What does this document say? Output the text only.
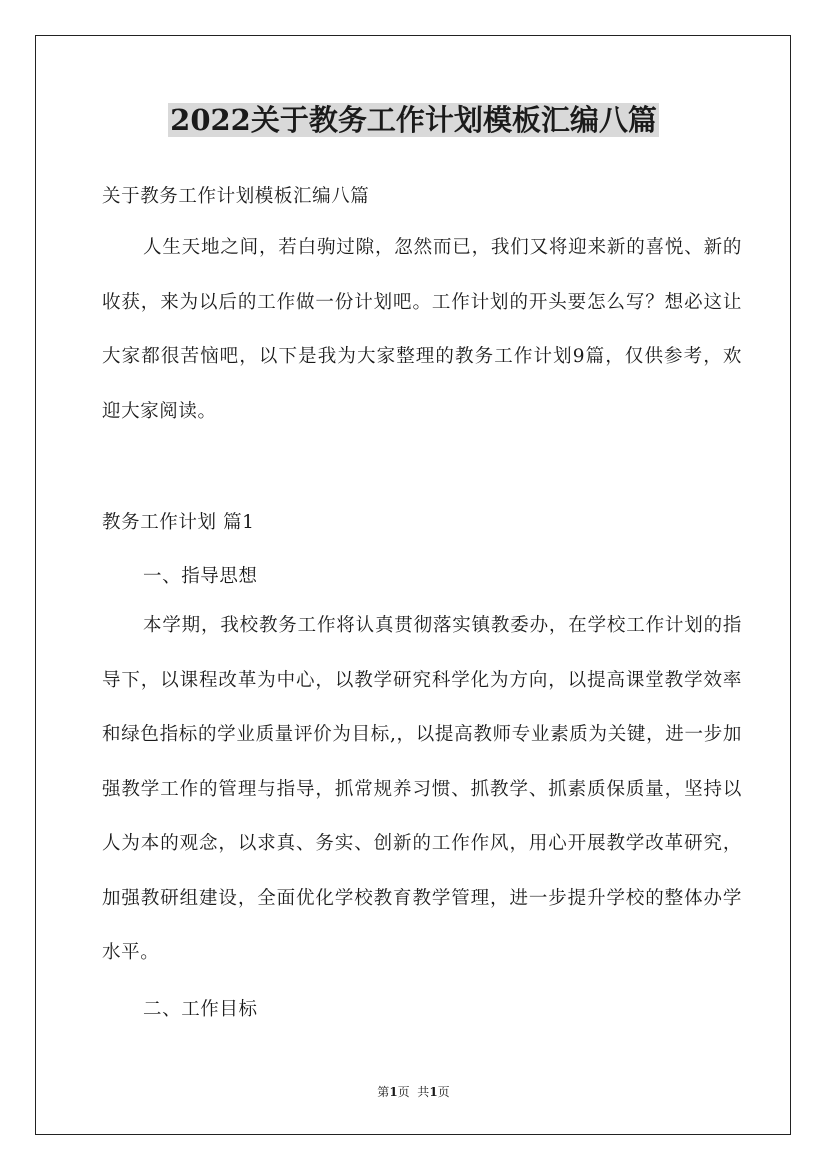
2022关于教务工作计划模板汇编八篇
关于教务工作计划模板汇编八篇

人生天地之间，若白驹过隙，忽然而已，我们又将迎来新的喜悦、新的收获，来为以后的工作做一份计划吧。工作计划的开头要怎么写？想必这让大家都很苦恼吧，以下是我为大家整理的教务工作计划9篇，仅供参考，欢迎大家阅读。

教务工作计划 篇1
一、指导思想

本学期，我校教务工作将认真贯彻落实镇教委办，在学校工作计划的指导下，以课程改革为中心，以教学研究科学化为方向，以提高课堂教学效率和绿色指标的学业质量评价为目标,，以提高教师专业素质为关键，进一步加强教学工作的管理与指导，抓常规养习惯、抓教学、抓素质保质量，坚持以人为本的观念，以求真、务实、创新的工作作风，用心开展教学改革研究，加强教研组建设，全面优化学校教育教学管理，进一步提升学校的整体办学水平。

二、工作目标
第1页  共1页
